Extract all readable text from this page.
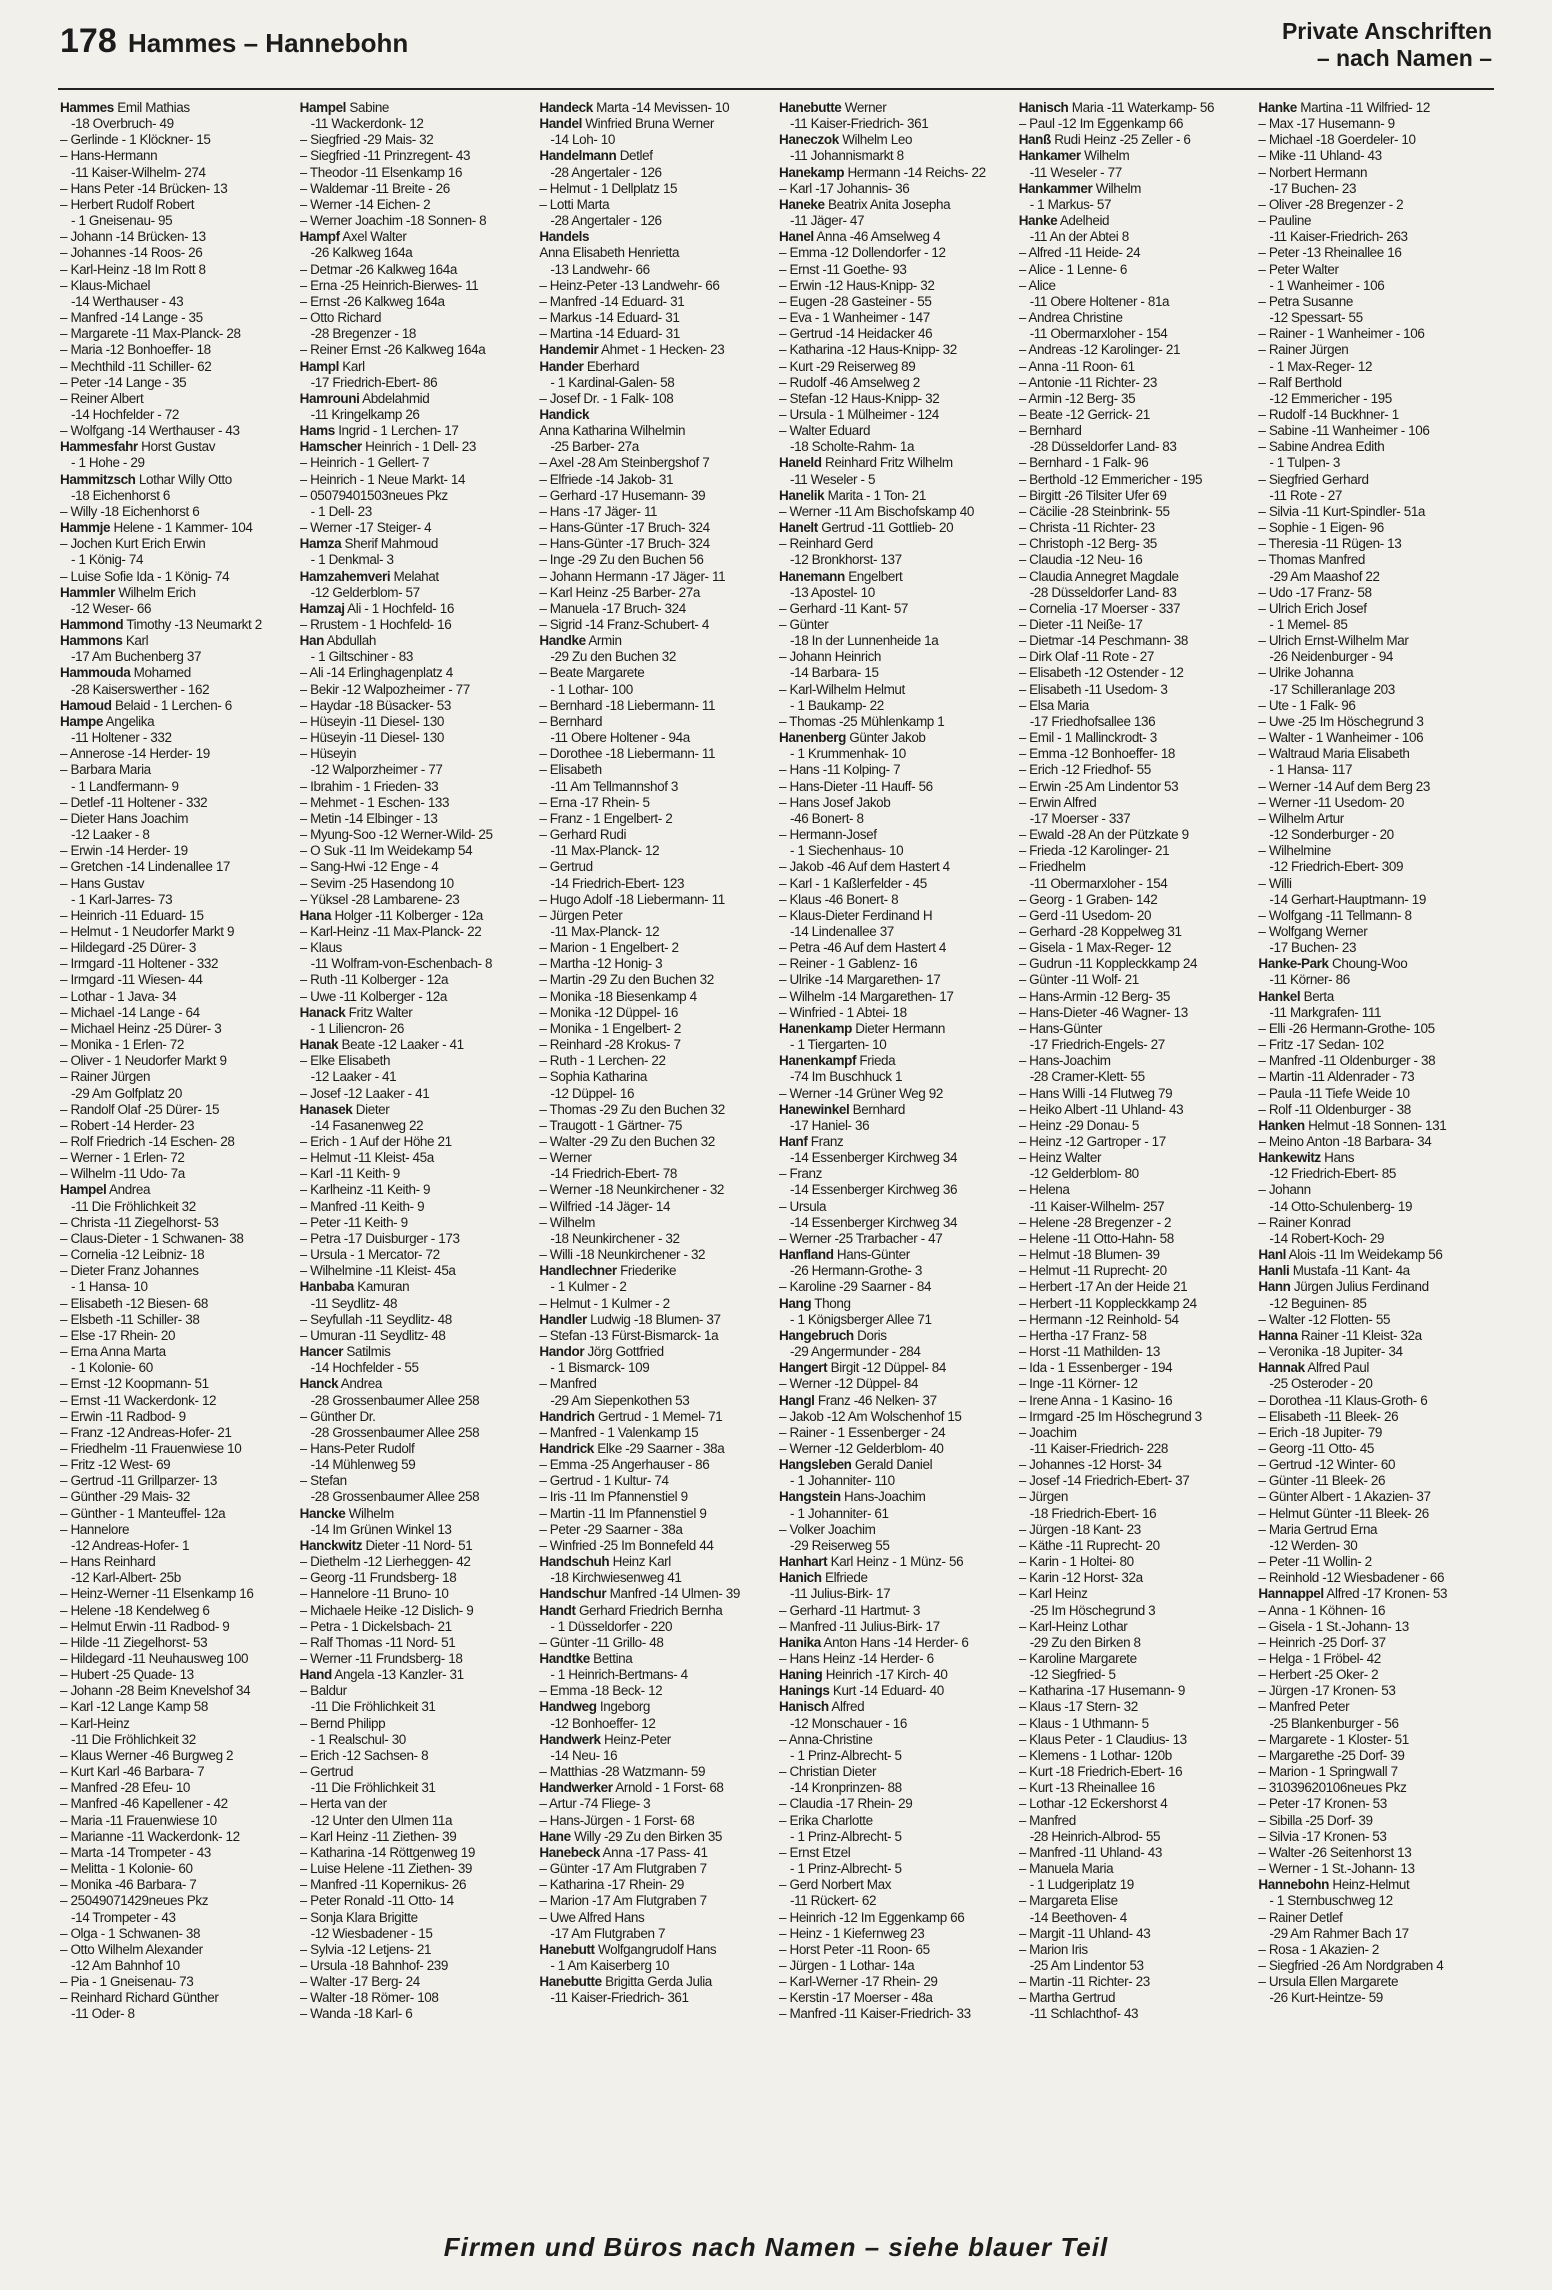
178 Hammes – Hannebohn	Private Anschriften
– nach Namen –
Hammes Emil Mathias
-18 Overbruch- 49
– Gerlinde - 1 Klöckner- 15
– Hans-Hermann
-11 Kaiser-Wilhelm- 274
– Hans Peter -14 Brücken- 13
– Herbert Rudolf Robert
- 1 Gneisenau- 95
– Johann -14 Brücken- 13
– Johannes -14 Roos- 26
– Karl-Heinz -18 Im Rott 8
– Klaus-Michael
-14 Werthauser - 43
– Manfred -14 Lange - 35
– Margarete -11 Max-Planck- 28
– Maria -12 Bonhoeffer- 18
– Mechthild -11 Schiller- 62
– Peter -14 Lange - 35
– Reiner Albert
-14 Hochfelder - 72
– Wolfgang -14 Werthauser - 43
Hammesfahr Horst Gustav
- 1 Hohe - 29
Hammitzsch Lothar Willy Otto
-18 Eichenhorst 6
– Willy -18 Eichenhorst 6
Hammje Helene - 1 Kammer- 104
– Jochen Kurt Erich Erwin
- 1 König- 74
– Luise Sofie Ida - 1 König- 74
Hammler Wilhelm Erich
-12 Weser- 66
Hammond Timothy -13 Neumarkt 2
Hammons Karl
-17 Am Buchenberg 37
Hammouda Mohamed
-28 Kaiserswerther - 162
Hamoud Belaid - 1 Lerchen- 6
Hampe Angelika
-11 Holtener - 332
– Annerose -14 Herder- 19
– Barbara Maria
- 1 Landfermann- 9
– Detlef -11 Holtener - 332
– Dieter Hans Joachim
-12 Laaker - 8
– Erwin -14 Herder- 19
– Gretchen -14 Lindenallee 17
– Hans Gustav
- 1 Karl-Jarres- 73
– Heinrich -11 Eduard- 15
– Helmut - 1 Neudorfer Markt 9
– Hildegard -25 Dürer- 3
– Irmgard -11 Holtener - 332
– Irmgard -11 Wiesen- 44
– Lothar - 1 Java- 34
– Michael -14 Lange - 64
– Michael Heinz -25 Dürer- 3
– Monika - 1 Erlen- 72
– Oliver - 1 Neudorfer Markt 9
– Rainer Jürgen
-29 Am Golfplatz 20
– Randolf Olaf -25 Dürer- 15
– Robert -14 Herder- 23
– Rolf Friedrich -14 Eschen- 28
– Werner - 1 Erlen- 72
– Wilhelm -11 Udo- 7a
Hampel Andrea
-11 Die Fröhlichkeit 32
– Christa -11 Ziegelhorst- 53
– Claus-Dieter - 1 Schwanen- 38
– Cornelia -12 Leibniz- 18
– Dieter Franz Johannes
- 1 Hansa- 10
– Elisabeth -12 Biesen- 68
– Elsbeth -11 Schiller- 38
– Else -17 Rhein- 20
– Erna Anna Marta
- 1 Kolonie- 60
– Ernst -12 Koopmann- 51
– Ernst -11 Wackerdonk- 12
– Erwin -11 Radbod- 9
– Franz -12 Andreas-Hofer- 21
– Friedhelm -11 Frauenwiese 10
– Fritz -12 West- 69
– Gertrud -11 Grillparzer- 13
– Günther -29 Mais- 32
– Günther - 1 Manteuffel- 12a
– Hannelore
-12 Andreas-Hofer- 1
– Hans Reinhard
-12 Karl-Albert- 25b
– Heinz-Werner -11 Elsenkamp 16
– Helene -18 Kendelweg 6
– Helmut Erwin -11 Radbod- 9
– Hilde -11 Ziegelhorst- 53
– Hildegard -11 Neuhausweg 100
– Hubert -25 Quade- 13
– Johann -28 Beim Knevelshof 34
– Karl -12 Lange Kamp 58
– Karl-Heinz
-11 Die Fröhlichkeit 32
– Klaus Werner -46 Burgweg 2
– Kurt Karl -46 Barbara- 7
– Manfred -28 Efeu- 10
– Manfred -46 Kapellener - 42
– Maria -11 Frauenwiese 10
– Marianne -11 Wackerdonk- 12
– Marta -14 Trompeter - 43
– Melitta - 1 Kolonie- 60
– Monika -46 Barbara- 7
– 25049071429neues Pkz
-14 Trompeter - 43
– Olga - 1 Schwanen- 38
– Otto Wilhelm Alexander
-12 Am Bahnhof 10
– Pia - 1 Gneisenau- 73
– Reinhard Richard Günther
-11 Oder- 8
Hampel Sabine
-11 Wackerdonk- 12
– Siegfried -29 Mais- 32
– Siegfried -11 Prinzregent- 43
– Theodor -11 Elsenkamp 16
– Waldemar -11 Breite - 26
– Werner -14 Eichen- 2
– Werner Joachim -18 Sonnen- 8
Hampf Axel Walter
-26 Kalkweg 164a
– Detmar -26 Kalkweg 164a
– Erna -25 Heinrich-Bierwes- 11
– Ernst -26 Kalkweg 164a
– Otto Richard
-28 Bregenzer - 18
– Reiner Ernst -26 Kalkweg 164a
Hampl Karl
-17 Friedrich-Ebert- 86
Hamrouni Abdelahmid
-11 Kringelkamp 26
Hams Ingrid - 1 Lerchen- 17
Hamscher Heinrich - 1 Dell- 23
– Heinrich - 1 Gellert- 7
– Heinrich - 1 Neue Markt- 14
– 05079401503neues Pkz
- 1 Dell- 23
– Werner -17 Steiger- 4
Hamza Sherif Mahmoud
- 1 Denkmal- 3
Hamzahemveri Melahat
-12 Gelderblom- 57
Hamzaj Ali - 1 Hochfeld- 16
– Rrustem - 1 Hochfeld- 16
Han Abdullah
- 1 Giltschiner - 83
– Ali -14 Erlinghagenplatz 4
– Bekir -12 Walpozheimer - 77
– Haydar -18 Büsacker- 53
– Hüseyin -11 Diesel- 130
– Hüseyin -11 Diesel- 130
– Hüseyin
-12 Walporzheimer - 77
– Ibrahim - 1 Frieden- 33
– Mehmet - 1 Eschen- 133
– Metin -14 Elbinger - 13
– Myung-Soo -12 Werner-Wild- 25
– O Suk -11 Im Weidekamp 54
– Sang-Hwi -12 Enge - 4
– Sevim -25 Hasendong 10
– Yüksel -28 Lambarene- 23
Hana Holger -11 Kolberger - 12a
– Karl-Heinz -11 Max-Planck- 22
– Klaus
-11 Wolfram-von-Eschenbach- 8
– Ruth -11 Kolberger - 12a
– Uwe -11 Kolberger - 12a
Hanack Fritz Walter
- 1 Liliencron- 26
Hanak Beate -12 Laaker - 41
– Elke Elisabeth
-12 Laaker - 41
– Josef -12 Laaker - 41
Hanasek Dieter
-14 Fasanenweg 22
– Erich - 1 Auf der Höhe 21
– Helmut -11 Kleist- 45a
– Karl -11 Keith- 9
– Karlheinz -11 Keith- 9
– Manfred -11 Keith- 9
– Peter -11 Keith- 9
– Petra -17 Duisburger - 173
– Ursula - 1 Mercator- 72
– Wilhelmine -11 Kleist- 45a
Hanbaba Kamuran
-11 Seydlitz- 48
– Seyfullah -11 Seydlitz- 48
– Umuran -11 Seydlitz- 48
Hancer Satilmis
-14 Hochfelder - 55
Hanck Andrea
-28 Grossenbaumer Allee 258
– Günther Dr.
-28 Grossenbaumer Allee 258
– Hans-Peter Rudolf
-14 Mühlenweg 59
– Stefan
-28 Grossenbaumer Allee 258
Hancke Wilhelm
-14 Im Grünen Winkel 13
Hanckwitz Dieter -11 Nord- 51
– Diethelm -12 Lierheggen- 42
– Georg -11 Frundsberg- 18
– Hannelore -11 Bruno- 10
– Michaele Heike -12 Dislich- 9
– Petra - 1 Dickelsbach- 21
– Ralf Thomas -11 Nord- 51
– Werner -11 Frundsberg- 18
Hand Angela -13 Kanzler- 31
– Baldur
-11 Die Fröhlichkeit 31
– Bernd Philipp
- 1 Realschul- 30
– Erich -12 Sachsen- 8
– Gertrud
-11 Die Fröhlichkeit 31
– Herta van der
-12 Unter den Ulmen 11a
– Karl Heinz -11 Ziethen- 39
– Katharina -14 Röttgenweg 19
– Luise Helene -11 Ziethen- 39
– Manfred -11 Kopernikus- 26
– Peter Ronald -11 Otto- 14
– Sonja Klara Brigitte
-12 Wiesbadener - 15
– Sylvia -12 Letjens- 21
– Ursula -18 Bahnhof- 239
– Walter -17 Berg- 24
– Walter -18 Römer- 108
– Wanda -18 Karl- 6
Handeck Marta -14 Mevissen- 10
Handel Winfried Bruna Werner
-14 Loh- 10
Handelmann Detlef
-28 Angertaler - 126
– Helmut - 1 Dellplatz 15
– Lotti Marta
-28 Angertaler - 126
Handels
Anna Elisabeth Henrietta
-13 Landwehr- 66
– Heinz-Peter -13 Landwehr- 66
– Manfred -14 Eduard- 31
– Markus -14 Eduard- 31
– Martina -14 Eduard- 31
Handemir Ahmet - 1 Hecken- 23
Hander Eberhard
- 1 Kardinal-Galen- 58
– Josef Dr. - 1 Falk- 108
Handick
Anna Katharina Wilhelmin
-25 Barber- 27a
– Axel -28 Am Steinbergshof 7
– Elfriede -14 Jakob- 31
– Gerhard -17 Husemann- 39
– Hans -17 Jäger- 11
– Hans-Günter -17 Bruch- 324
– Hans-Günter -17 Bruch- 324
– Inge -29 Zu den Buchen 56
– Johann Hermann -17 Jäger- 11
– Karl Heinz -25 Barber- 27a
– Manuela -17 Bruch- 324
– Sigrid -14 Franz-Schubert- 4
Handke Armin
-29 Zu den Buchen 32
– Beate Margarete
- 1 Lothar- 100
– Bernhard -18 Liebermann- 11
– Bernhard
-11 Obere Holtener - 94a
– Dorothee -18 Liebermann- 11
– Elisabeth
-11 Am Tellmannshof 3
– Erna -17 Rhein- 5
– Franz - 1 Engelbert- 2
– Gerhard Rudi
-11 Max-Planck- 12
– Gertrud
-14 Friedrich-Ebert- 123
– Hugo Adolf -18 Liebermann- 11
– Jürgen Peter
-11 Max-Planck- 12
– Marion - 1 Engelbert- 2
– Martha -12 Honig- 3
– Martin -29 Zu den Buchen 32
– Monika -18 Biesenkamp 4
– Monika -12 Düppel- 16
– Monika - 1 Engelbert- 2
– Reinhard -28 Krokus- 7
– Ruth - 1 Lerchen- 22
– Sophia Katharina
-12 Düppel- 16
– Thomas -29 Zu den Buchen 32
– Traugott - 1 Gärtner- 75
– Walter -29 Zu den Buchen 32
– Werner
-14 Friedrich-Ebert- 78
– Werner -18 Neunkirchener - 32
– Wilfried -14 Jäger- 14
– Wilhelm
-18 Neunkirchener - 32
– Willi -18 Neunkirchener - 32
Handlechner Friederike
- 1 Kulmer - 2
– Helmut - 1 Kulmer - 2
Handler Ludwig -18 Blumen- 37
– Stefan -13 Fürst-Bismarck- 1a
Handor Jörg Gottfried
- 1 Bismarck- 109
– Manfred
-29 Am Siepenkothen 53
Handrich Gertrud - 1 Memel- 71
– Manfred - 1 Valenkamp 15
Handrick Elke -29 Saarner - 38a
– Emma -25 Angerhauser - 86
– Gertrud - 1 Kultur- 74
– Iris -11 Im Pfannenstiel 9
– Martin -11 Im Pfannenstiel 9
– Peter -29 Saarner - 38a
– Winfried -25 Im Bonnefeld 44
Handschuh Heinz Karl
-18 Kirchwiesenweg 41
Handschur Manfred -14 Ulmen- 39
Handt Gerhard Friedrich Bernha
- 1 Düsseldorfer - 220
– Günter -11 Grillo- 48
Handtke Bettina
- 1 Heinrich-Bertmans- 4
– Emma -18 Beck- 12
Handweg Ingeborg
-12 Bonhoeffer- 12
Handwerk Heinz-Peter
-14 Neu- 16
– Matthias -28 Watzmann- 59
Handwerker Arnold - 1 Forst- 68
– Artur -74 Fliege- 3
– Hans-Jürgen - 1 Forst- 68
Hane Willy -29 Zu den Birken 35
Hanebeck Anna -17 Pass- 41
– Günter -17 Am Flutgraben 7
– Katharina -17 Rhein- 29
– Marion -17 Am Flutgraben 7
– Uwe Alfred Hans
-17 Am Flutgraben 7
Hanebutt Wolfgangrudolf Hans
- 1 Am Kaiserberg 10
Hanebutte Brigitta Gerda Julia
-11 Kaiser-Friedrich- 361
Hanebutte Werner
-11 Kaiser-Friedrich- 361
Haneczok Wilhelm Leo
-11 Johannismarkt 8
Hanekamp Hermann -14 Reichs- 22
– Karl -17 Johannis- 36
Haneke Beatrix Anita Josepha
-11 Jäger- 47
Hanel Anna -46 Amselweg 4
– Emma -12 Dollendorfer - 12
– Ernst -11 Goethe- 93
– Erwin -12 Haus-Knipp- 32
– Eugen -28 Gasteiner - 55
– Eva - 1 Wanheimer - 147
– Gertrud -14 Heidacker 46
– Katharina -12 Haus-Knipp- 32
– Kurt -29 Reiserweg 89
– Rudolf -46 Amselweg 2
– Stefan -12 Haus-Knipp- 32
– Ursula - 1 Mülheimer - 124
– Walter Eduard
-18 Scholte-Rahm- 1a
Haneld Reinhard Fritz Wilhelm
-11 Weseler - 5
Hanelik Marita - 1 Ton- 21
– Werner -11 Am Bischofskamp 40
Hanelt Gertrud -11 Gottlieb- 20
– Reinhard Gerd
-12 Bronkhorst- 137
Hanemann Engelbert
-13 Apostel- 10
– Gerhard -11 Kant- 57
– Günter
-18 In der Lunnenheide 1a
– Johann Heinrich
-14 Barbara- 15
– Karl-Wilhelm Helmut
- 1 Baukamp- 22
– Thomas -25 Mühlenkamp 1
Hanenberg Günter Jakob
- 1 Krummenhak- 10
– Hans -11 Kolping- 7
– Hans-Dieter -11 Hauff- 56
– Hans Josef Jakob
-46 Bonert- 8
– Hermann-Josef
- 1 Siechenhaus- 10
– Jakob -46 Auf dem Hastert 4
– Karl - 1 Kaßlerfelder - 45
– Klaus -46 Bonert- 8
– Klaus-Dieter Ferdinand H
-14 Lindenallee 37
– Petra -46 Auf dem Hastert 4
– Reiner - 1 Gablenz- 16
– Ulrike -14 Margarethen- 17
– Wilhelm -14 Margarethen- 17
– Winfried - 1 Abtei- 18
Hanenkamp Dieter Hermann
- 1 Tiergarten- 10
Hanenkampf Frieda
-74 Im Buschhuck 1
– Werner -14 Grüner Weg 92
Hanewinkel Bernhard
-17 Haniel- 36
Hanf Franz
-14 Essenberger Kirchweg 34
– Franz
-14 Essenberger Kirchweg 36
– Ursula
-14 Essenberger Kirchweg 34
– Werner -25 Trarbacher - 47
Hanfland Hans-Günter
-26 Hermann-Grothe- 3
– Karoline -29 Saarner - 84
Hang Thong
- 1 Königsberger Allee 71
Hangebruch Doris
-29 Angermunder - 284
Hangert Birgit -12 Düppel- 84
– Werner -12 Düppel- 84
Hangl Franz -46 Nelken- 37
– Jakob -12 Am Wolschenhof 15
– Rainer - 1 Essenberger - 24
– Werner -12 Gelderblom- 40
Hangsleben Gerald Daniel
- 1 Johanniter- 110
Hangstein Hans-Joachim
- 1 Johanniter- 61
– Volker Joachim
-29 Reiserweg 55
Hanhart Karl Heinz - 1 Münz- 56
Hanich Elfriede
-11 Julius-Birk- 17
– Gerhard -11 Hartmut- 3
– Manfred -11 Julius-Birk- 17
Hanika Anton Hans -14 Herder- 6
– Hans Heinz -14 Herder- 6
Haning Heinrich -17 Kirch- 40
Hanings Kurt -14 Eduard- 40
Hanisch Alfred
-12 Monschauer - 16
– Anna-Christine
- 1 Prinz-Albrecht- 5
– Christian Dieter
-14 Kronprinzen- 88
– Claudia -17 Rhein- 29
– Erika Charlotte
- 1 Prinz-Albrecht- 5
– Ernst Etzel
- 1 Prinz-Albrecht- 5
– Gerd Norbert Max
-11 Rückert- 62
– Heinrich -12 Im Eggenkamp 66
– Heinz - 1 Kiefernweg 23
– Horst Peter -11 Roon- 65
– Jürgen - 1 Lothar- 14a
– Karl-Werner -17 Rhein- 29
– Kerstin -17 Moerser - 48a
– Manfred -11 Kaiser-Friedrich- 33
Hanisch Maria -11 Waterkamp- 56
– Paul -12 Im Eggenkamp 66
Hanß Rudi Heinz -25 Zeller - 6
Hankamer Wilhelm
-11 Weseler - 77
Hankammer Wilhelm
- 1 Markus- 57
Hanke Adelheid
-11 An der Abtei 8
– Alfred -11 Heide- 24
– Alice - 1 Lenne- 6
– Alice
-11 Obere Holtener - 81a
– Andrea Christine
-11 Obermarxloher - 154
– Andreas -12 Karolinger- 21
– Anna -11 Roon- 61
– Antonie -11 Richter- 23
– Armin -12 Berg- 35
– Beate -12 Gerrick- 21
– Bernhard
-28 Düsseldorfer Land- 83
– Bernhard - 1 Falk- 96
– Berthold -12 Emmericher - 195
– Birgitt -26 Tilsiter Ufer 69
– Cäcilie -28 Steinbrink- 55
– Christa -11 Richter- 23
– Christoph -12 Berg- 35
– Claudia -12 Neu- 16
– Claudia Annegret Magdale
-28 Düsseldorfer Land- 83
– Cornelia -17 Moerser - 337
– Dieter -11 Neiße- 17
– Dietmar -14 Peschmann- 38
– Dirk Olaf -11 Rote - 27
– Elisabeth -12 Ostender - 12
– Elisabeth -11 Usedom- 3
– Elsa Maria
-17 Friedhofsallee 136
– Emil - 1 Mallinckrodt- 3
– Emma -12 Bonhoeffer- 18
– Erich -12 Friedhof- 55
– Erwin -25 Am Lindentor 53
– Erwin Alfred
-17 Moerser - 337
– Ewald -28 An der Pützkate 9
– Frieda -12 Karolinger- 21
– Friedhelm
-11 Obermarxloher - 154
– Georg - 1 Graben- 142
– Gerd -11 Usedom- 20
– Gerhard -28 Koppelweg 31
– Gisela - 1 Max-Reger- 12
– Gudrun -11 Koppleckkamp 24
– Günter -11 Wolf- 21
– Hans-Armin -12 Berg- 35
– Hans-Dieter -46 Wagner- 13
– Hans-Günter
-17 Friedrich-Engels- 27
– Hans-Joachim
-28 Cramer-Klett- 55
– Hans Willi -14 Flutweg 79
– Heiko Albert -11 Uhland- 43
– Heinz -29 Donau- 5
– Heinz -12 Gartroper - 17
– Heinz Walter
-12 Gelderblom- 80
– Helena
-11 Kaiser-Wilhelm- 257
– Helene -28 Bregenzer - 2
– Helene -11 Otto-Hahn- 58
– Helmut -18 Blumen- 39
– Helmut -11 Ruprecht- 20
– Herbert -17 An der Heide 21
– Herbert -11 Koppleckkamp 24
– Hermann -12 Reinhold- 54
– Hertha -17 Franz- 58
– Horst -11 Mathilden- 13
– Ida - 1 Essenberger - 194
– Inge -11 Körner- 12
– Irene Anna - 1 Kasino- 16
– Irmgard -25 Im Höschegrund 3
– Joachim
-11 Kaiser-Friedrich- 228
– Johannes -12 Horst- 34
– Josef -14 Friedrich-Ebert- 37
– Jürgen
-18 Friedrich-Ebert- 16
– Jürgen -18 Kant- 23
– Käthe -11 Ruprecht- 20
– Karin - 1 Holtei- 80
– Karin -12 Horst- 32a
– Karl Heinz
-25 Im Höschegrund 3
– Karl-Heinz Lothar
-29 Zu den Birken 8
– Karoline Margarete
-12 Siegfried- 5
– Katharina -17 Husemann- 9
– Klaus -17 Stern- 32
– Klaus - 1 Uthmann- 5
– Klaus Peter - 1 Claudius- 13
– Klemens - 1 Lothar- 120b
– Kurt -18 Friedrich-Ebert- 16
– Kurt -13 Rheinallee 16
– Lothar -12 Eckershorst 4
– Manfred
-28 Heinrich-Albrod- 55
– Manfred -11 Uhland- 43
– Manuela Maria
- 1 Ludgeriplatz 19
– Margareta Elise
-14 Beethoven- 4
– Margit -11 Uhland- 43
– Marion Iris
-25 Am Lindentor 53
– Martin -11 Richter- 23
– Martha Gertrud
-11 Schlachthof- 43
Hanke Martina -11 Wilfried- 12
– Max -17 Husemann- 9
– Michael -18 Goerdeler- 10
– Mike -11 Uhland- 43
– Norbert Hermann
-17 Buchen- 23
– Oliver -28 Bregenzer - 2
– Pauline
-11 Kaiser-Friedrich- 263
– Peter -13 Rheinallee 16
– Peter Walter
- 1 Wanheimer - 106
– Petra Susanne
-12 Spessart- 55
– Rainer - 1 Wanheimer - 106
– Rainer Jürgen
- 1 Max-Reger- 12
– Ralf Berthold
-12 Emmericher - 195
– Rudolf -14 Buckhner- 1
– Sabine -11 Wanheimer - 106
– Sabine Andrea Edith
- 1 Tulpen- 3
– Siegfried Gerhard
-11 Rote - 27
– Silvia -11 Kurt-Spindler- 51a
– Sophie - 1 Eigen- 96
– Theresia -11 Rügen- 13
– Thomas Manfred
-29 Am Maashof 22
– Udo -17 Franz- 58
– Ulrich Erich Josef
- 1 Memel- 85
– Ulrich Ernst-Wilhelm Mar
-26 Neidenburger - 94
– Ulrike Johanna
-17 Schilleranlage 203
– Ute - 1 Falk- 96
– Uwe -25 Im Höschegrund 3
– Walter - 1 Wanheimer - 106
– Waltraud Maria Elisabeth
- 1 Hansa- 117
– Werner -14 Auf dem Berg 23
– Werner -11 Usedom- 20
– Wilhelm Artur
-12 Sonderburger - 20
– Wilhelmine
-12 Friedrich-Ebert- 309
– Willi
-14 Gerhart-Hauptmann- 19
– Wolfgang -11 Tellmann- 8
– Wolfgang Werner
-17 Buchen- 23
Hanke-Park Choung-Woo
-11 Körner- 86
Hankel Berta
-11 Markgrafen- 111
– Elli -26 Hermann-Grothe- 105
– Fritz -17 Sedan- 102
– Manfred -11 Oldenburger - 38
– Martin -11 Aldenrader - 73
– Paula -11 Tiefe Weide 10
– Rolf -11 Oldenburger - 38
Hanken Helmut -18 Sonnen- 131
– Meino Anton -18 Barbara- 34
Hankewitz Hans
-12 Friedrich-Ebert- 85
– Johann
-14 Otto-Schulenberg- 19
– Rainer Konrad
-14 Robert-Koch- 29
Hanl Alois -11 Im Weidekamp 56
Hanli Mustafa -11 Kant- 4a
Hann Jürgen Julius Ferdinand
-12 Beguinen- 85
– Walter -12 Flotten- 55
Hanna Rainer -11 Kleist- 32a
– Veronika -18 Jupiter- 34
Hannak Alfred Paul
-25 Osteroder - 20
– Dorothea -11 Klaus-Groth- 6
– Elisabeth -11 Bleek- 26
– Erich -18 Jupiter- 79
– Georg -11 Otto- 45
– Gertrud -12 Winter- 60
– Günter -11 Bleek- 26
– Günter Albert - 1 Akazien- 37
– Helmut Günter -11 Bleek- 26
– Maria Gertrud Erna
-12 Werden- 30
– Peter -11 Wollin- 2
– Reinhold -12 Wiesbadener - 66
Hannappel Alfred -17 Kronen- 53
– Anna - 1 Köhnen- 16
– Gisela - 1 St.-Johann- 13
– Heinrich -25 Dorf- 37
– Helga - 1 Fröbel- 42
– Herbert -25 Oker- 2
– Jürgen -17 Kronen- 53
– Manfred Peter
-25 Blankenburger - 56
– Margarete - 1 Kloster- 51
– Margarethe -25 Dorf- 39
– Marion - 1 Springwall 7
– 31039620106neues Pkz
– Peter -17 Kronen- 53
– Sibilla -25 Dorf- 39
– Silvia -17 Kronen- 53
– Walter -26 Seitenhorst 13
– Werner - 1 St.-Johann- 13
Hannebohn Heinz-Helmut
- 1 Sternbuschweg 12
– Rainer Detlef
-29 Am Rahmer Bach 17
– Rosa - 1 Akazien- 2
– Siegfried -26 Am Nordgraben 4
– Ursula Ellen Margarete
-26 Kurt-Heintze- 59
Firmen und Büros nach Namen – siehe blauer Teil
